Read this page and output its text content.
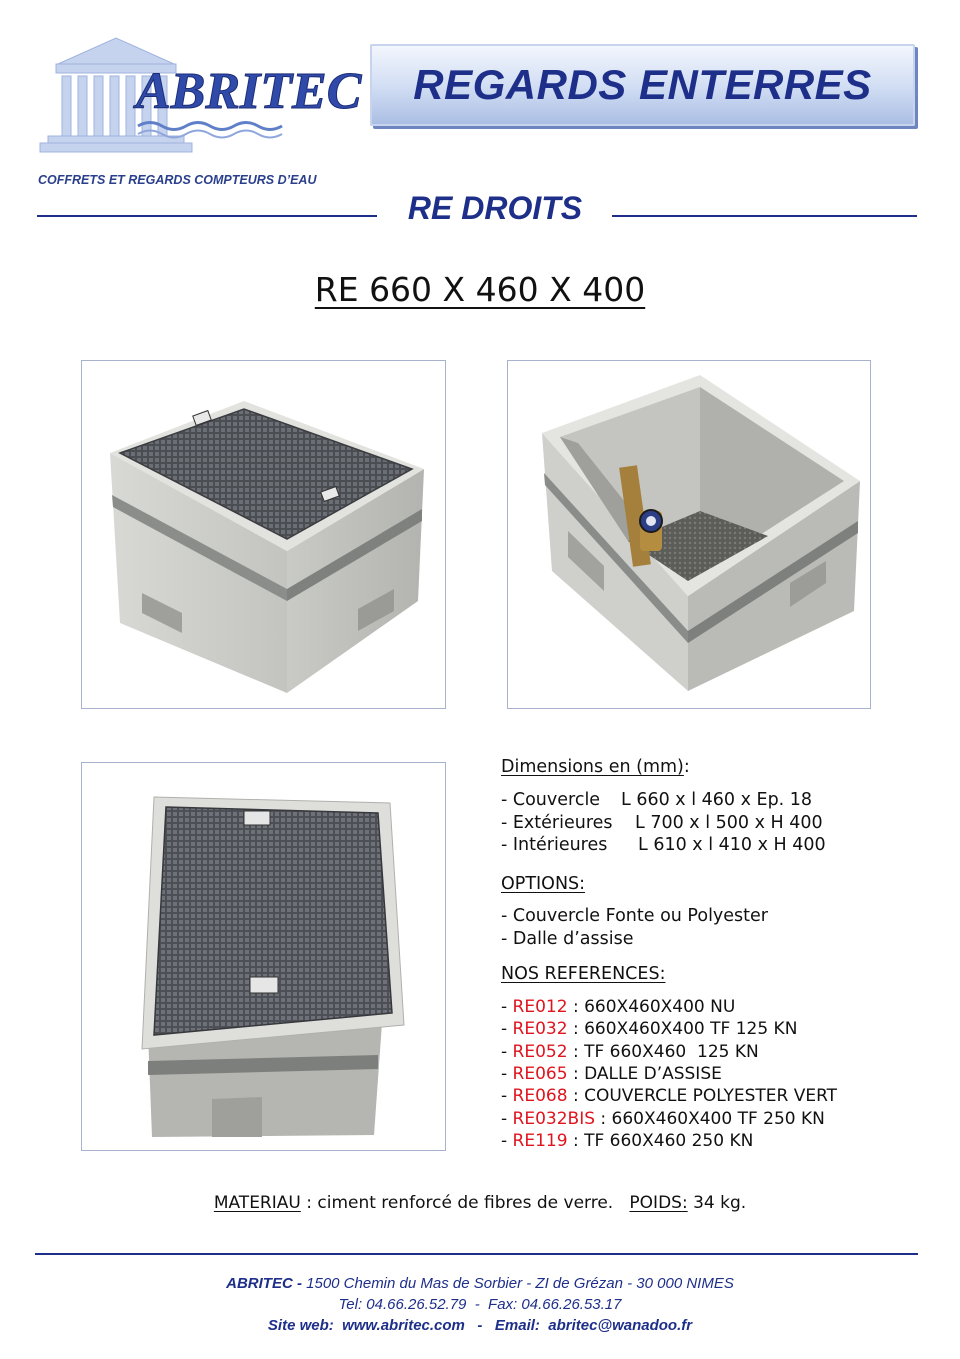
ABRITEC
COFFRETS ET REGARDS COMPTEURS D’EAU
REGARDS ENTERRES
RE DROITS
RE 660 X 460 X 400
Dimensions en (mm):
- Couvercle L 660 x l 460 x Ep. 18
- Extérieures L 700 x l 500 x H 400
- Intérieures L 610 x l 410 x H 400
OPTIONS:
- Couvercle Fonte ou Polyester
- Dalle d’assise
NOS REFERENCES:
- RE012 : 660X460X400 NU
- RE032 : 660X460X400 TF 125 KN
- RE052 : TF 660X460  125 KN
- RE065 : DALLE D’ASSISE
- RE068 : COUVERCLE POLYESTER VERT
- RE032BIS : 660X460X400 TF 250 KN
- RE119 : TF 660X460 250 KN
MATERIAU : ciment renforcé de fibres de verre.   POIDS: 34 kg.
ABRITEC - 1500 Chemin du Mas de Sorbier - ZI de Grézan - 30 000 NIMES
Tel: 04.66.26.52.79  -  Fax: 04.66.26.53.17
Site web:  www.abritec.com   -   Email:  abritec@wanadoo.fr
